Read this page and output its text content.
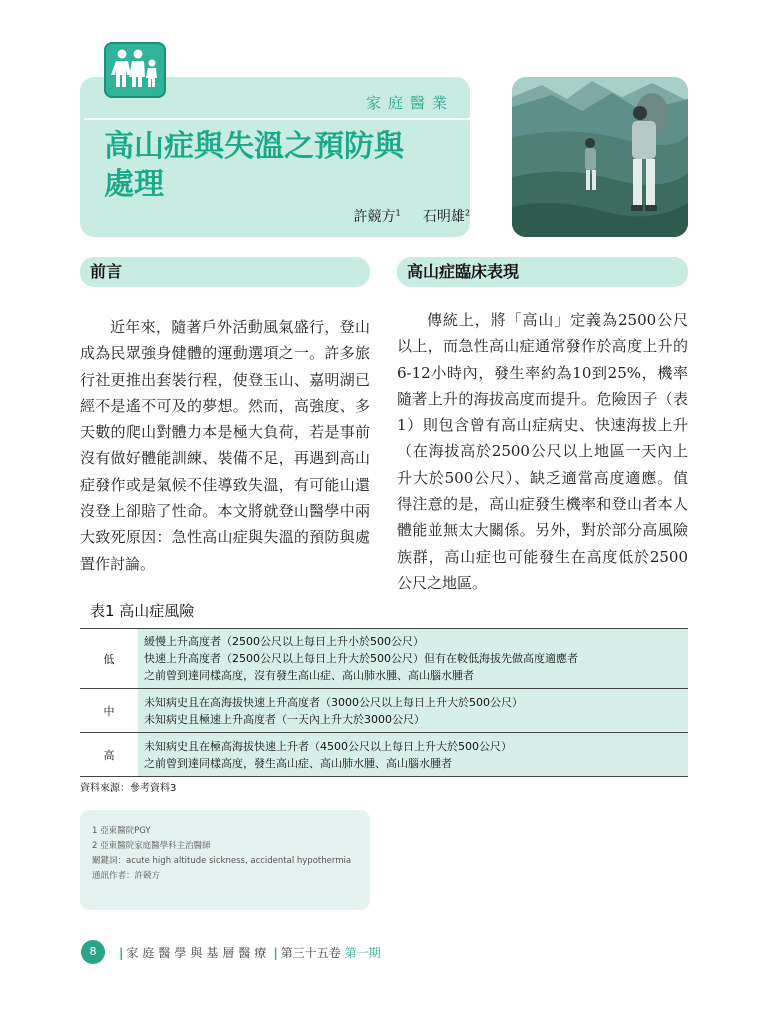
家庭醫業
高山症與失溫之預防與
處理
許競方$^1$ 石明雄$^2$
前言	高山症臨床表現
近年來，隨著戶外活動風氣盛行，登山成為民眾強身健體的運動選項之一。許多旅行社更推出套裝行程，使登玉山、嘉明湖已經不是遙不可及的夢想。然而，高強度、多天數的爬山對體力本是極大負荷，若是事前沒有做好體能訓練、裝備不足，再遇到高山症發作或是氣候不佳導致失溫，有可能山還沒登上卻賠了性命。本文將就登山醫學中兩大致死原因：急性高山症與失溫的預防與處置作討論。
傳統上，將「高山」定義為2500公尺以上，而急性高山症通常發作於高度上升的6-12小時內，發生率約為10到25%，機率隨著上升的海拔高度而提升。危險因子（表1）則包含曾有高山症病史、快速海拔上升（在海拔高於2500公尺以上地區一天內上升大於500公尺）、缺乏適當高度適應。值得注意的是，高山症發生機率和登山者本人體能並無太大關係。另外，對於部分高風險族群，高山症也可能發生在高度低於2500公尺之地區。
表1 高山症風險
低	緩慢上升高度者（2500公尺以上每日上升小於500公尺）
快速上升高度者（2500公尺以上每日上升大於500公尺）但有在較低海拔先做高度適應者
之前曾到達同樣高度，沒有發生高山症、高山肺水腫、高山腦水腫者

中	未知病史且在高海拔快速上升高度者（3000公尺以上每日上升大於500公尺）
未知病史且極速上升高度者（一天內上升大於3000公尺）

高	未知病史且在極高海拔快速上升者（4500公尺以上每日上升大於500公尺）
之前曾到達同樣高度，發生高山症、高山肺水腫、高山腦水腫者
資料來源：參考資料3
1 亞東醫院PGY
2 亞東醫院家庭醫學科主治醫師
關鍵詞：acute high altitude sickness, accidental hypothermia
通訊作者：許競方
8	| 家庭醫學與基層醫療 | 第三十五卷 第一期
